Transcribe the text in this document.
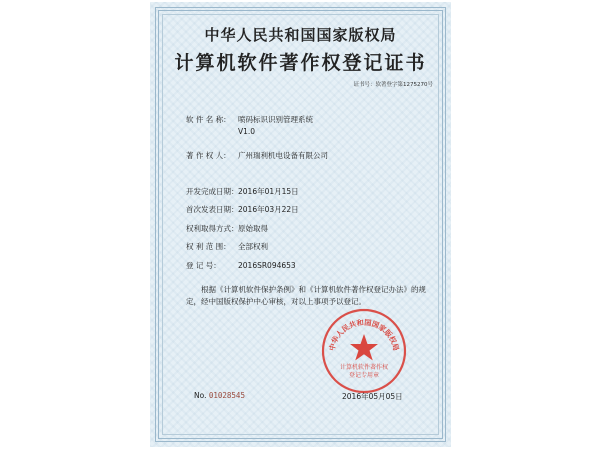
中华人民共和国国家版权局
计算机软件著作权登记证书
证书号：软著登字第1275270号
软 件 名 称： 喷码标识识别管理系统
V1.0
著 作 权 人： 广州瑞利机电设备有限公司
开发完成日期：2016年01月15日
首次发表日期：2016年03月22日
权利取得方式：原始取得
权 利 范 围： 全部权利
登 记 号： 2016SR094653
根据《计算机软件保护条例》和《计算机软件著作权登记办法》的规定，经中国版权保护中心审核，对以上事项予以登记。
中华人民共和国国家版权局
计算机软件著作权
登记专用章
No. 01028545	2016年05月05日
